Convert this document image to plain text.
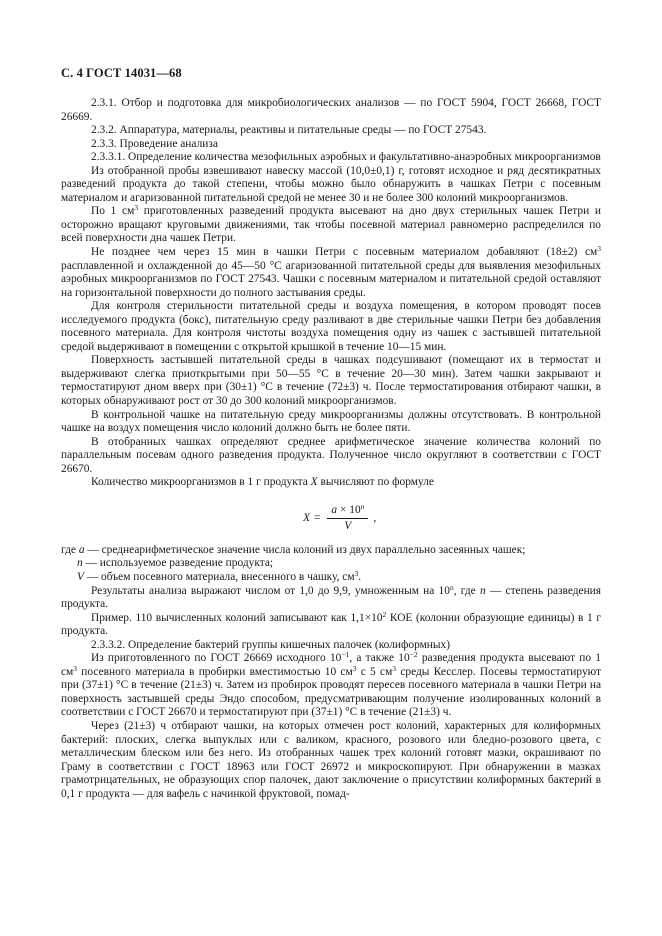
С. 4 ГОСТ 14031—68

2.3.1. Отбор и подготовка для микробиологических анализов — по ГОСТ 5904, ГОСТ 26668, ГОСТ 26669.

2.3.2. Аппаратура, материалы, реактивы и питательные среды — по ГОСТ 27543.

2.3.3. Проведение анализа

2.3.3.1. Определение количества мезофильных аэробных и факультативно-анаэробных микроорганизмов

Из отобранной пробы взвешивают навеску массой (10,0±0,1) г, готовят исходное и ряд десятикратных разведений продукта до такой степени, чтобы можно было обнаружить в чашках Петри с посевным материалом и агаризованной питательной средой не менее 30 и не более 300 колоний микроорганизмов.

По 1 $см^3$ приготовленных разведений продукта высевают на дно двух стерильных чашек Петри и осторожно вращают круговыми движениями, так чтобы посевной материал равномерно распределился по всей поверхности дна чашек Петри.

Не позднее чем через 15 мин в чашки Петри с посевным материалом добавляют (18±2) $см^3$ расплавленной и охлажденной до 45—50 °С агаризованной питательной среды для выявления мезофильных аэробных микроорганизмов по ГОСТ 27543. Чашки с посевным материалом и питательной средой оставляют на горизонтальной поверхности до полного застывания среды.

Для контроля стерильности питательной среды и воздуха помещения, в котором проводят посев исследуемого продукта (бокс), питательную среду разливают в две стерильные чашки Петри без добавления посевного материала. Для контроля чистоты воздуха помещения одну из чашек с застывшей питательной средой выдерживают в помещении с открытой крышкой в течение 10—15 мин.

Поверхность застывшей питательной среды в чашках подсушивают (помещают их в термостат и выдерживают слегка приоткрытыми при 50—55 °С в течение 20—30 мин). Затем чашки закрывают и термостатируют дном вверх при (30±1) °С в течение (72±3) ч. После термостатирования отбирают чашки, в которых обнаруживают рост от 30 до 300 колоний микроорганизмов.

В контрольной чашке на питательную среду микроорганизмы должны отсутствовать. В контрольной чашке на воздух помещения число колоний должно быть не более пяти.

В отобранных чашках определяют среднее арифметическое значение количества колоний по параллельным посевам одного разведения продукта. Полученное число округляют в соответствии с ГОСТ 26670.

Количество микроорганизмов в 1 г продукта X вычисляют по формуле

$X = \frac{a \times 10^n}{V}$ ,
где a — среднеарифметическое значение числа колоний из двух параллельно засеянных чашек;
n — используемое разведение продукта;
V — объем посевного материала, внесенного в чашку, $см^3$.

Результаты анализа выражают числом от 1,0 до 9,9, умноженным на 10$^n$, где n — степень разведения продукта.

Пример. 110 вычисленных колоний записывают как $1,1\times 10^2$ КОЕ (колонии образующие единицы) в 1 г продукта.

2.3.3.2. Определение бактерий группы кишечных палочек (колиформных)

Из приготовленного по ГОСТ 26669 исходного $10^{-1}$, а также $10^{-2}$ разведения продукта высевают по 1 $см^3$ посевного материала в пробирки вместимостью 10 $см^3$ с 5 $см^3$ среды Кесслер. Посевы термостатируют при (37±1) °С в течение (21±3) ч. Затем из пробирок проводят пересев посевного материала в чашки Петри на поверхность застывшей среды Эндо способом, предусматривающим получение изолированных колоний в соответствии с ГОСТ 26670 и термостатируют при (37±1) °С в течение (21±3) ч.

Через (21±3) ч отбирают чашки, на которых отмечен рост колоний, характерных для колиформных бактерий: плоских, слегка выпуклых или с валиком, красного, розового или бледно-розового цвета, с металлическим блеском или без него. Из отобранных чашек трех колоний готовят мазки, окрашивают по Граму в соответствии с ГОСТ 18963 или ГОСТ 26972 и микроскопируют. При обнаружении в мазках грамотрицательных, не образующих спор палочек, дают заключение о присутствии колиформных бактерий в 0,1 г продукта — для вафель с начинкой фруктовой, помад-
